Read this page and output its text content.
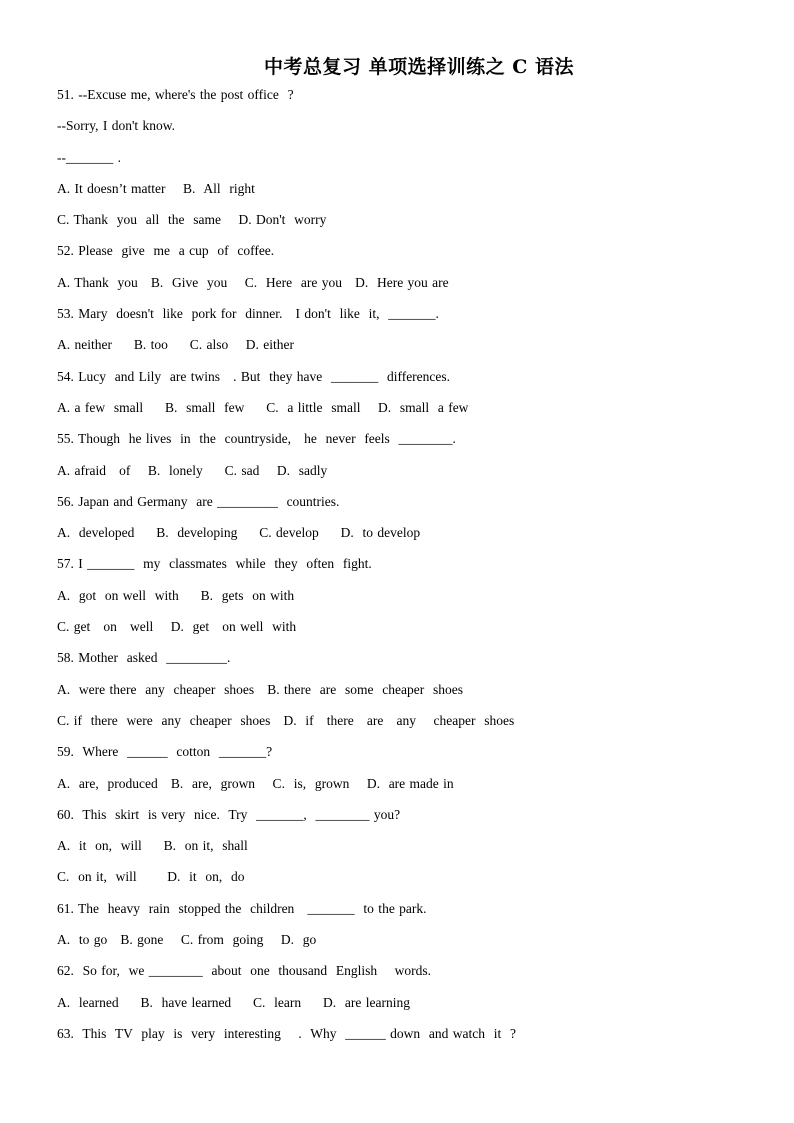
中考总复习 单项选择训练之 C 语法
51. --Excuse me, where's the post office  ?
--Sorry, I don't know.
--_______ .
A. It doesn’t matter    B.  All  right
C. Thank  you  all  the  same    D. Don't  worry
52. Please  give  me  a cup  of  coffee.
A. Thank  you   B.  Give  you    C.  Here  are you   D.  Here you are
53. Mary  doesn't  like  pork for  dinner.   I don't  like  it,  _______.
A. neither     B. too     C. also    D. either
54. Lucy  and Lily  are twins   . But  they have  _______  differences.
A. a few  small     B.  small  few     C.  a little  small    D.  small  a few
55. Though  he lives  in  the  countryside,   he  never  feels  ________.
A. afraid   of    B.  lonely     C. sad    D.  sadly
56. Japan and Germany  are _________  countries.
A.  developed     B.  developing     C. develop     D.  to develop
57. I _______  my  classmates  while  they  often  fight.
A.  got  on well  with     B.  gets  on with
C. get   on   well    D.  get   on well  with
58. Mother  asked  _________.
A.  were there  any  cheaper  shoes   B. there  are  some  cheaper  shoes
C. if  there  were  any  cheaper  shoes   D.  if   there   are   any    cheaper  shoes
59.  Where  ______  cotton  _______?
A.  are,  produced   B.  are,  grown    C.  is,  grown    D.  are made in
60.  This  skirt  is very  nice.  Try  _______,  ________ you?
A.  it  on,  will     B.  on it,  shall
C.  on it,  will       D.  it  on,  do
61. The  heavy  rain  stopped the  children   _______  to the park.
A.  to go   B. gone    C. from  going    D.  go
62.  So for,  we ________  about  one  thousand  English    words.
A.  learned     B.  have learned     C.  learn     D.  are learning
63.  This  TV  play  is  very  interesting    .  Why  ______ down  and watch  it  ?
